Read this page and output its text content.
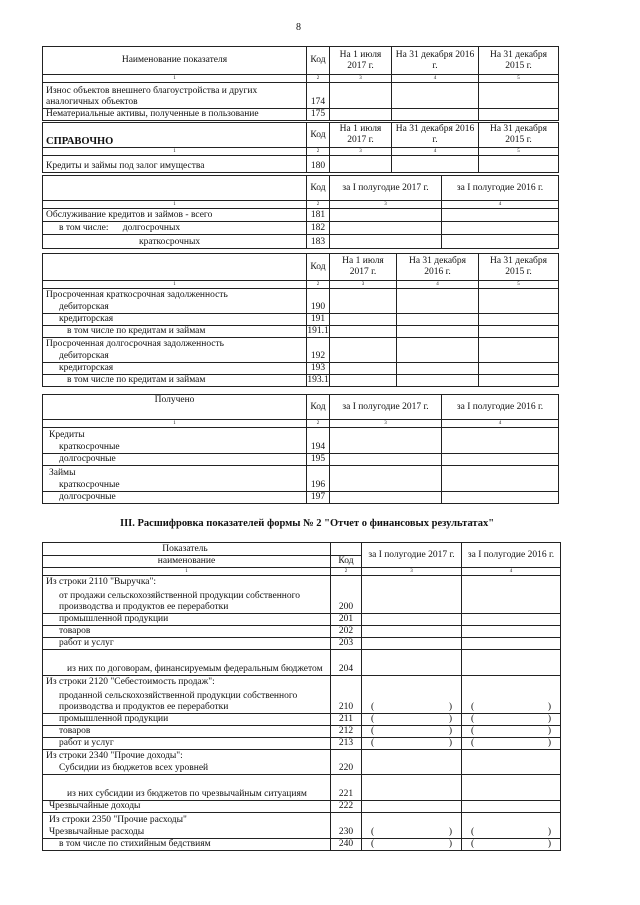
8
Наименование показателя	Код	На 1 июля 2017 г.	На 31 декабря 2016 г.	На 31 декабря 2015 г.
1	2	3	4	5
Износ объектов внешнего благоустройства и других аналогичных объектов	174			
Нематериальные активы, полученные в пользование	175			
СПРАВОЧНО	Код	На 1 июля 2017 г.	На 31 декабря 2016 г.	На 31 декабря 2015 г.
1	2	3	4	5
Кредиты и займы под залог имущества	180			
	Код	за I полугодие 2017 г.	за I полугодие 2016 г.
1	2	3	4
Обслуживание кредитов и займов - всего	181		
в том числе:      долгосрочных	182		
краткосрочных	183		
	Код	На 1 июля 2017 г.	На 31 декабря 2016 г.	На 31 декабря 2015 г.
1	2	3	4	5
Просроченная краткосрочная задолженность				
дебиторская	190			
кредиторская	191			
в том числе по кредитам и займам	191.1			
Просроченная долгосрочная задолженность				
дебиторская	192			
кредиторская	193			
в том числе по кредитам и займам	193.1			
Получено	Код	за I полугодие 2017 г.	за I полугодие 2016 г.
1	2	3	4
Кредиты			
краткосрочные	194		
долгосрочные	195		
Займы			
краткосрочные	196		
долгосрочные	197		
III. Расшифровка показателей формы № 2 "Отчет о финансовых результатах"
Показатель		за I полугодие 2017 г.	за I полугодие 2016 г.
наименование	Код		
1	2	3	4
Из строки 2110 "Выручка":			
от продажи сельскохозяйственной продукции собственного производства и продуктов ее переработки	200		
промышленной продукции	201		
товаров	202		
работ и услуг	203		
из них по договорам, финансируемым федеральным бюджетом	204		
Из строки 2120 "Себестоимость продаж":			
проданной сельскохозяйственной продукции собственного производства и продуктов ее переработки	210	( )	( )

промышленной продукции	211	( )	( )

товаров	212	( )	( )

работ и услуг	213	( )	( )

Из строки 2340 "Прочие доходы":			
Субсидии из бюджетов всех уровней	220		
из них субсидии из бюджетов по чрезвычайным ситуациям	221		
Чрезвычайные доходы	222		
Из строки 2350 "Прочие расходы"			
Чрезвычайные расходы	230	( )	( )

в том числе по стихийным бедствиям	240	( )	( )
